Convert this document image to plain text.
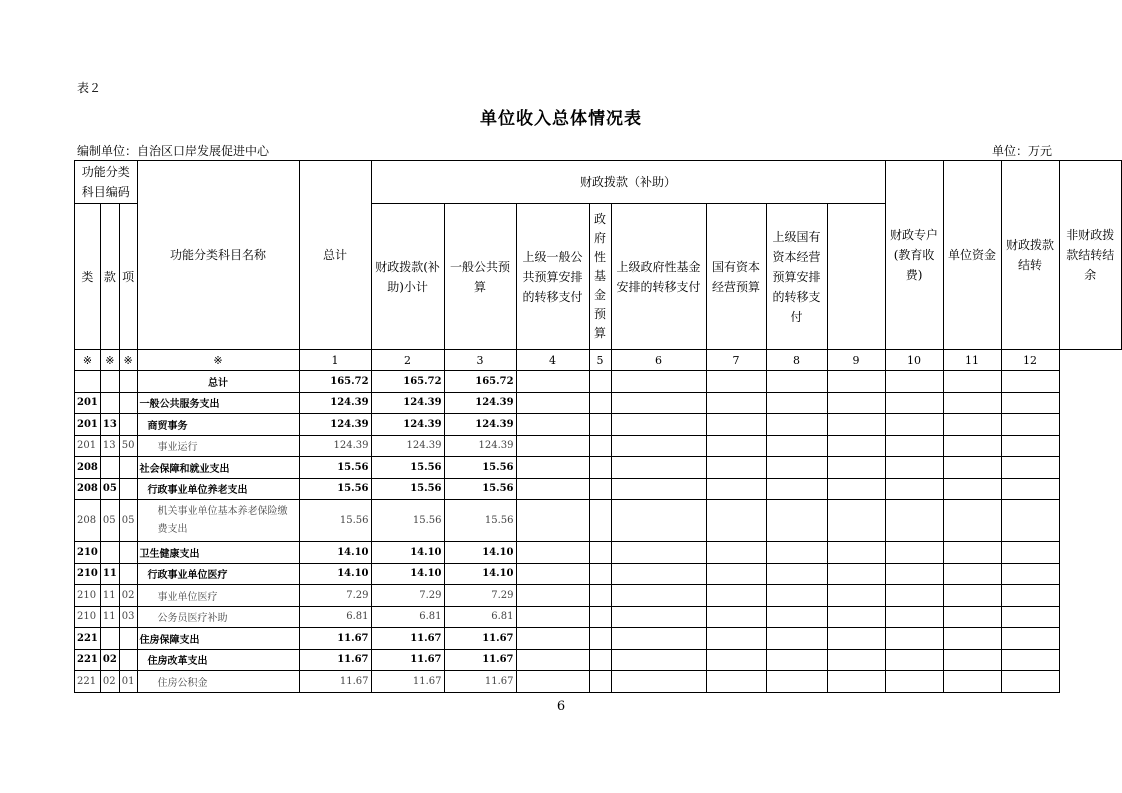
表２
单位收入总体情况表
编制单位：自治区口岸发展促进中心	单位：万元
功能分类科目编码			功能分类科目名称	总计	财政拨款（补助）								财政专户(教育收费)	单位资金	财政拨款结转	非财政拨款结转结余
类	款	项			财政拨款(补助)小计	一般公共预算	上级一般公共预算安排的转移支付	政府性基金预算	上级政府性基金安排的转移支付	国有资本经营预算	上级国有资本经营预算安排的转移支付					
※	※	※	※	1	2	3	4	5	6	7	8	9	10	11	12	
			总计	165.72	165.72	165.72										
201			一般公共服务支出	124.39	124.39	124.39										
201	13		商贸事务	124.39	124.39	124.39										
201	13	50	事业运行	124.39	124.39	124.39										
208			社会保障和就业支出	15.56	15.56	15.56										
208	05		行政事业单位养老支出	15.56	15.56	15.56										
208	05	05	机关事业单位基本养老保险缴费支出	15.56	15.56	15.56										
210			卫生健康支出	14.10	14.10	14.10										
210	11		行政事业单位医疗	14.10	14.10	14.10										
210	11	02	事业单位医疗	7.29	7.29	7.29										
210	11	03	公务员医疗补助	6.81	6.81	6.81										
221			住房保障支出	11.67	11.67	11.67										
221	02		住房改革支出	11.67	11.67	11.67										
221	02	01	住房公积金	11.67	11.67	11.67										
6
